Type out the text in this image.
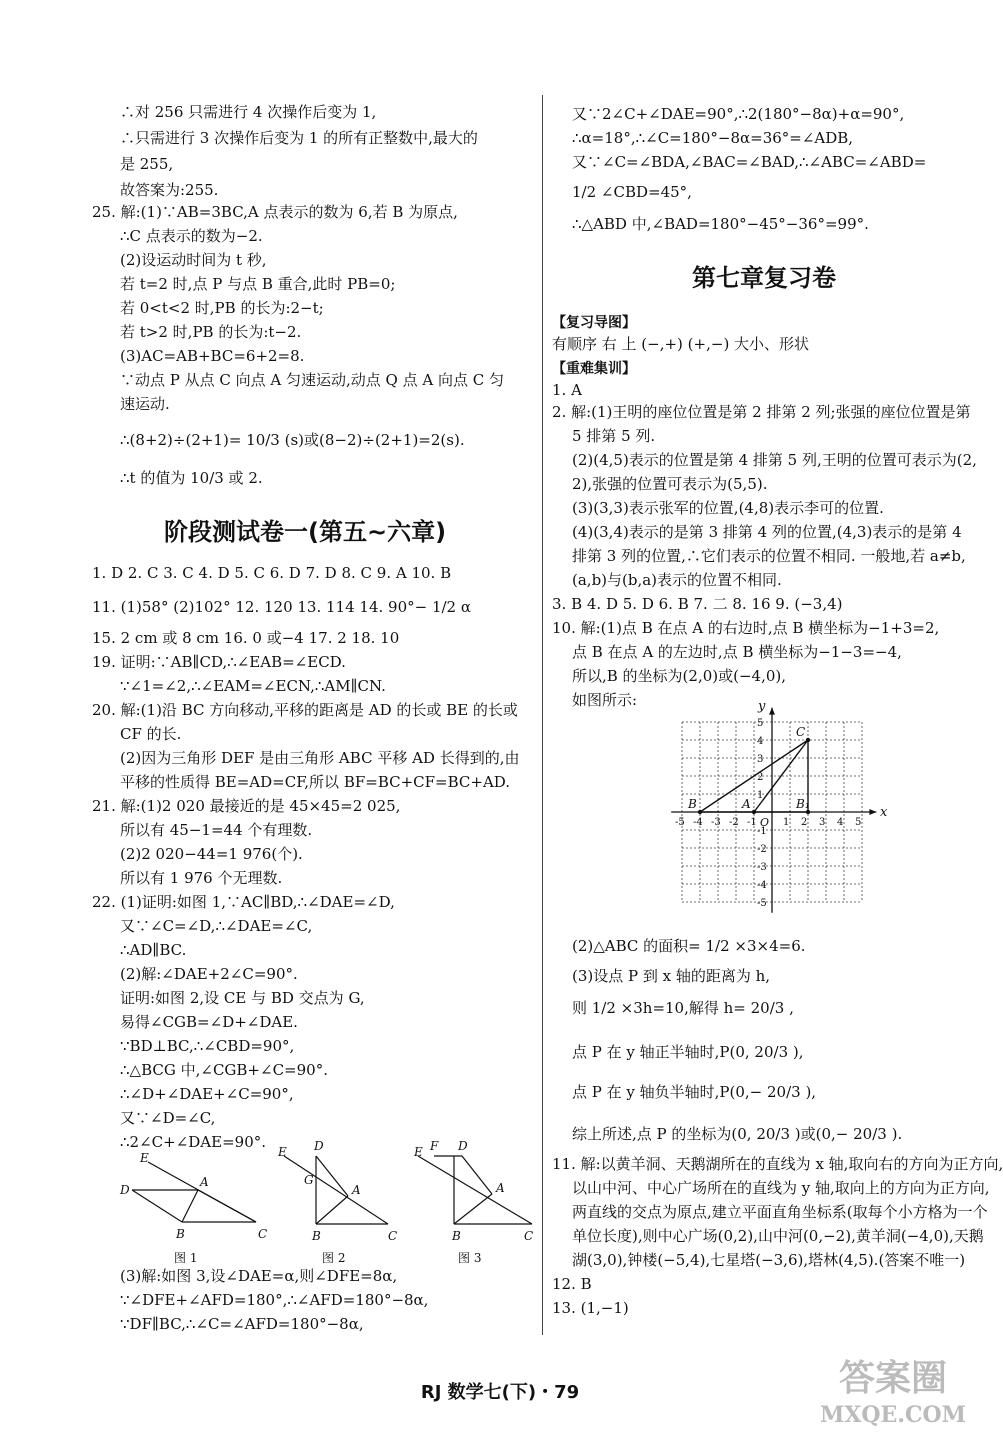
∴对 256 只需进行 4 次操作后变为 1,
∴只需进行 3 次操作后变为 1 的所有正整数中,最大的
是 255,
故答案为:255.
25. 解:(1)∵AB=3BC,A 点表示的数为 6,若 B 为原点,
∴C 点表示的数为−2.
(2)设运动时间为 t 秒,
若 t=2 时,点 P 与点 B 重合,此时 PB=0;
若 0<t<2 时,PB 的长为:2−t;
若 t>2 时,PB 的长为:t−2.
(3)AC=AB+BC=6+2=8.
∵动点 P 从点 C 向点 A 匀速运动,动点 Q 点 A 向点 C 匀
速运动.
∴(8+2)÷(2+1)= 10/3 (s)或(8−2)÷(2+1)=2(s).
∴t 的值为 10/3 或 2.
阶段测试卷一(第五~六章)
1. D 2. C 3. C 4. D 5. C 6. D 7. D 8. C 9. A 10. B
11. (1)58° (2)102° 12. 120 13. 114 14. 90°− 1/2 α
15. 2 cm 或 8 cm 16. 0 或−4 17. 2 18. 10
19. 证明:∵AB∥CD,∴∠EAB=∠ECD.
∵∠1=∠2,∴∠EAM=∠ECN,∴AM∥CN.
20. 解:(1)沿 BC 方向移动,平移的距离是 AD 的长或 BE 的长或
CF 的长.
(2)因为三角形 DEF 是由三角形 ABC 平移 AD 长得到的,由
平移的性质得 BE=AD=CF,所以 BF=BC+CF=BC+AD.
21. 解:(1)2 020 最接近的是 45×45=2 025,
所以有 45−1=44 个有理数.
(2)2 020−44=1 976(个).
所以有 1 976 个无理数.
22. (1)证明:如图 1,∵AC∥BD,∴∠DAE=∠D,
又∵∠C=∠D,∴∠DAE=∠C,
∴AD∥BC.
(2)解:∠DAE+2∠C=90°.
证明:如图 2,设 CE 与 BD 交点为 G,
易得∠CGB=∠D+∠DAE.
∵BD⊥BC,∴∠CBD=90°,
∴△BCG 中,∠CGB+∠C=90°.
∴∠D+∠DAE+∠C=90°,
又∵∠D=∠C,
∴2∠C+∠DAE=90°.
E
D
A
B	C
图 1
E D
G
A
B	C
图 2
E F D
A
B	C
图 3
(3)解:如图 3,设∠DAE=α,则∠DFE=8α,
∵∠DFE+∠AFD=180°,∴∠AFD=180°−8α,
∵DF∥BC,∴∠C=∠AFD=180°−8α,
又∵2∠C+∠DAE=90°,∴2(180°−8α)+α=90°,
∴α=18°,∴∠C=180°−8α=36°=∠ADB,
又∵∠C=∠BDA,∠BAC=∠BAD,∴∠ABC=∠ABD=
1/2 ∠CBD=45°,
∴△ABD 中,∠BAD=180°−45°−36°=99°.
第七章复习卷
【复习导图】
有顺序 右 上 (−,+) (+,−) 大小、形状
【重难集训】
1. A
2. 解:(1)王明的座位位置是第 2 排第 2 列;张强的座位位置是第
5 排第 5 列.
(2)(4,5)表示的位置是第 4 排第 5 列,王明的位置可表示为(2,
2),张强的位置可表示为(5,5).
(3)(3,3)表示张军的位置,(4,8)表示李可的位置.
(4)(3,4)表示的是第 3 排第 4 列的位置,(4,3)表示的是第 4
排第 3 列的位置,∴它们表示的位置不相同. 一般地,若 a≠b,
(a,b)与(b,a)表示的位置不相同.
3. B 4. D 5. D 6. B 7. 二 8. 16 9. (−3,4)
10. 解:(1)点 B 在点 A 的右边时,点 B 横坐标为−1+3=2,
点 B 在点 A 的左边时,点 B 横坐标为−1−3=−4,
所以,B 的坐标为(2,0)或(−4,0),
如图所示:
x
y
O
-5 -4 -3 -2 -1	1 2 3 4 5
5
4
3
2
1
-1
-2
-3
-4
-5
A
B	B₁
C
(2)△ABC 的面积= 1/2 ×3×4=6.
(3)设点 P 到 x 轴的距离为 h,
则 1/2 ×3h=10,解得 h= 20/3 ,
点 P 在 y 轴正半轴时,P(0, 20/3 ),
点 P 在 y 轴负半轴时,P(0,− 20/3 ),
综上所述,点 P 的坐标为(0, 20/3 )或(0,− 20/3 ).
11. 解:以黄羊洞、天鹅湖所在的直线为 x 轴,取向右的方向为正方向,
以山中河、中心广场所在的直线为 y 轴,取向上的方向为正方向,
两直线的交点为原点,建立平面直角坐标系(取每个小方格为一个
单位长度),则中心广场(0,2),山中河(0,−2),黄羊洞(−4,0),天鹅
湖(3,0),钟楼(−5,4),七星塔(−3,6),塔林(4,5).(答案不唯一)
12. B
13. (1,−1)
RJ 数学七(下)・79	答案圈
MXQE.COM
